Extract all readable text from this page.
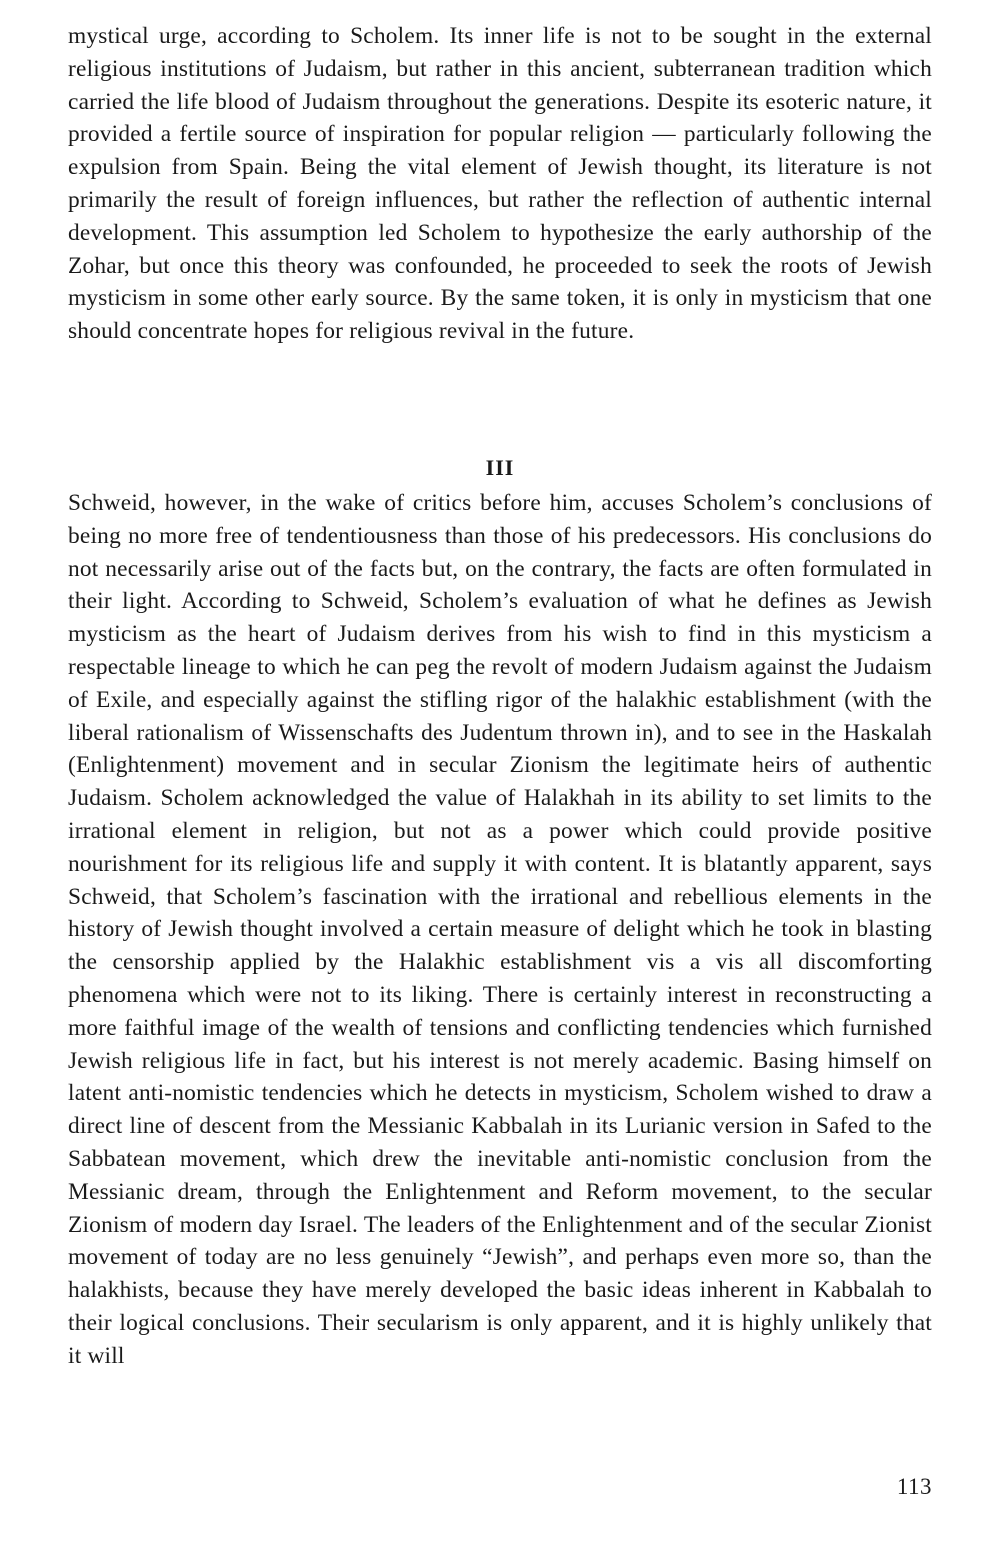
mystical urge, according to Scholem. Its inner life is not to be sought in the external religious institutions of Judaism, but rather in this ancient, subterranean tradition which carried the life blood of Judaism throughout the generations. Despite its esoteric nature, it provided a fertile source of inspiration for popular religion — particularly following the expulsion from Spain. Being the vital element of Jewish thought, its literature is not primarily the result of foreign influences, but rather the reflection of authentic internal development. This assumption led Scholem to hypothesize the early authorship of the Zohar, but once this theory was confounded, he proceeded to seek the roots of Jewish mysticism in some other early source. By the same token, it is only in mysticism that one should concentrate hopes for religious revival in the future.

III

Schweid, however, in the wake of critics before him, accuses Scholem’s conclusions of being no more free of tendentiousness than those of his predecessors. His conclusions do not necessarily arise out of the facts but, on the contrary, the facts are often formulated in their light. According to Schweid, Scholem’s evaluation of what he defines as Jewish mysticism as the heart of Judaism derives from his wish to find in this mysticism a respectable lineage to which he can peg the revolt of modern Judaism against the Judaism of Exile, and especially against the stifling rigor of the halakhic establishment (with the liberal rationalism of Wissenschafts des Judentum thrown in), and to see in the Haskalah (Enlightenment) movement and in secular Zionism the legitimate heirs of authentic Judaism. Scholem acknowledged the value of Halakhah in its ability to set limits to the irrational element in religion, but not as a power which could provide positive nourishment for its religious life and supply it with content. It is blatantly apparent, says Schweid, that Scholem’s fascination with the irrational and rebellious elements in the history of Jewish thought involved a certain measure of delight which he took in blasting the censorship applied by the Halakhic establishment vis a vis all discomforting phenomena which were not to its liking. There is certainly interest in reconstructing a more faithful image of the wealth of tensions and conflicting tendencies which furnished Jewish religious life in fact, but his interest is not merely academic. Basing himself on latent anti-nomistic tendencies which he detects in mysticism, Scholem wished to draw a direct line of descent from the Messianic Kabbalah in its Lurianic version in Safed to the Sabbatean movement, which drew the inevitable anti-nomistic conclusion from the Messianic dream, through the Enlightenment and Reform movement, to the secular Zionism of modern day Israel. The leaders of the Enlightenment and of the secular Zionist movement of today are no less genuinely “Jewish”, and perhaps even more so, than the halakhists, because they have merely developed the basic ideas inherent in Kabbalah to their logical conclusions. Their secularism is only apparent, and it is highly unlikely that it will

113
